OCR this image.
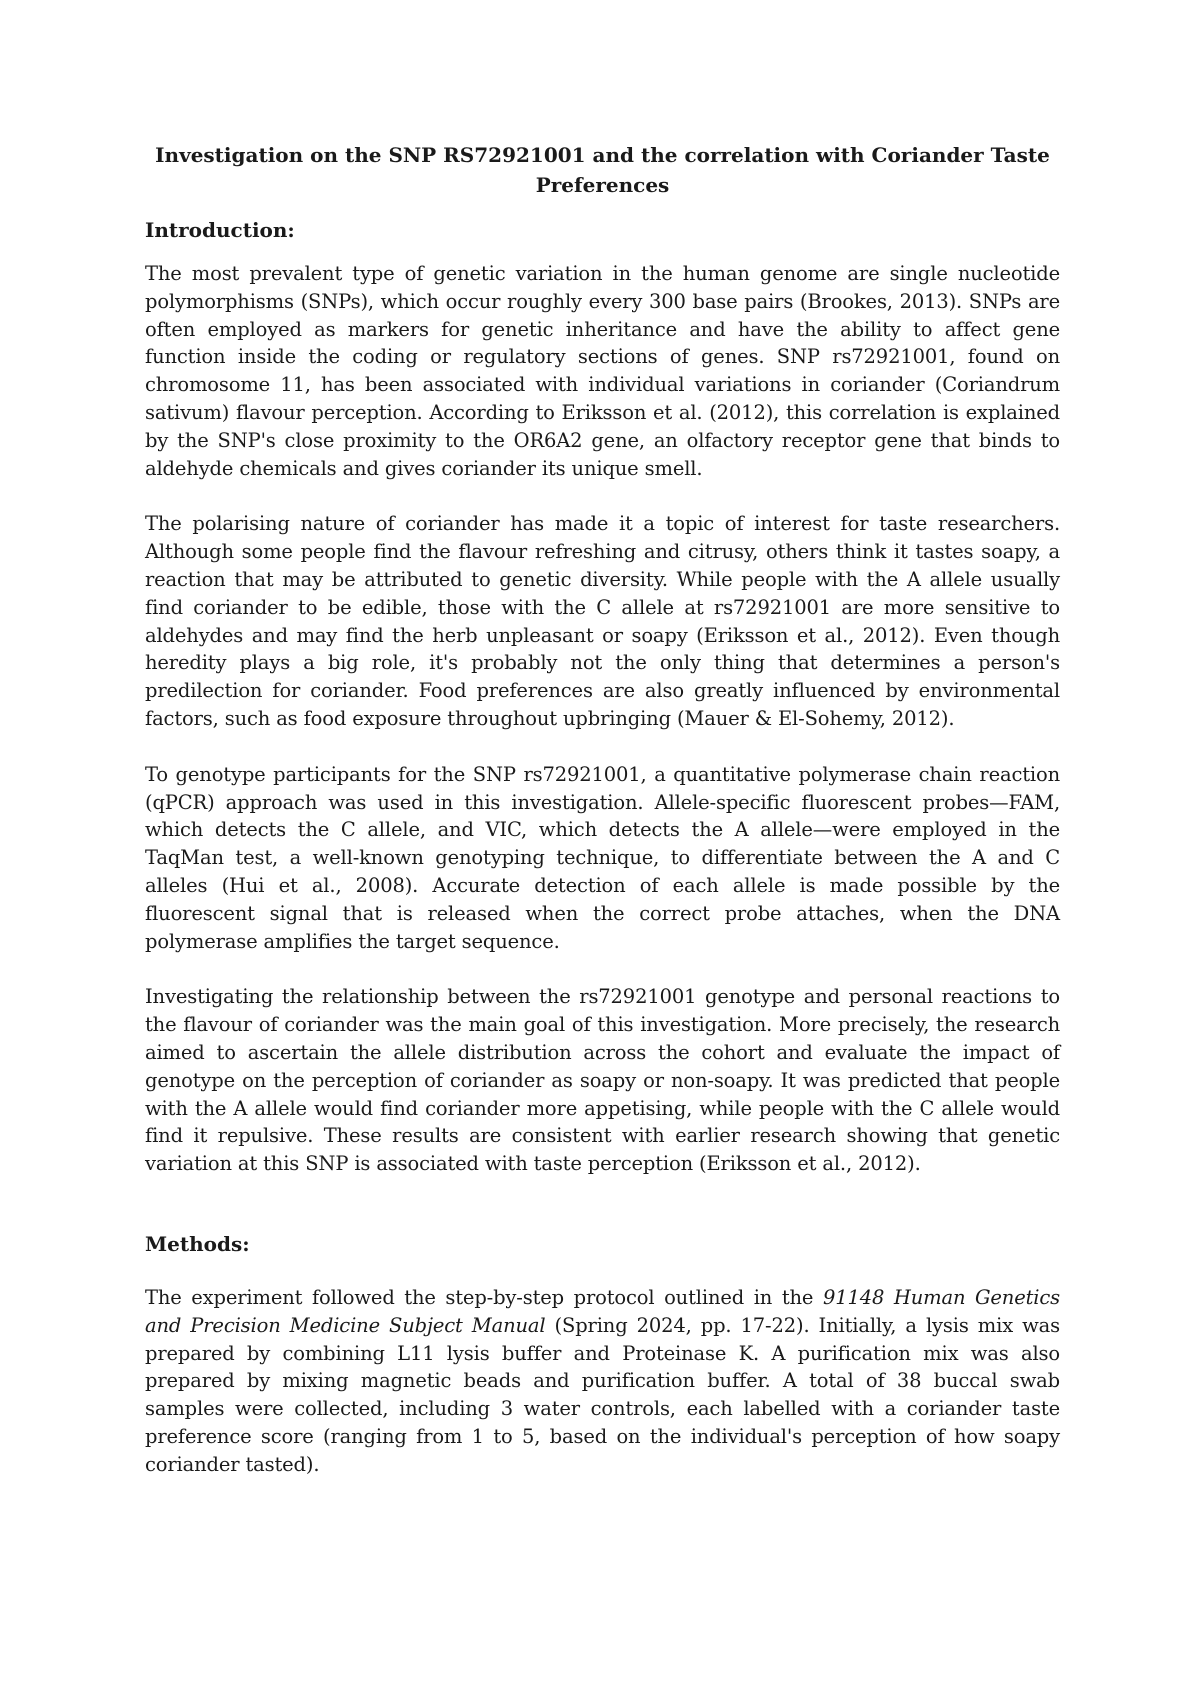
Investigation on the SNP RS72921001 and the correlation with Coriander Taste Preferences
Introduction:

The most prevalent type of genetic variation in the human genome are single nucleotide polymorphisms (SNPs), which occur roughly every 300 base pairs (Brookes, 2013). SNPs are often employed as markers for genetic inheritance and have the ability to affect gene function inside the coding or regulatory sections of genes. SNP rs72921001, found on chromosome 11, has been associated with individual variations in coriander (Coriandrum sativum) flavour perception. According to Eriksson et al. (2012), this correlation is explained by the SNP's close proximity to the OR6A2 gene, an olfactory receptor gene that binds to aldehyde chemicals and gives coriander its unique smell.

The polarising nature of coriander has made it a topic of interest for taste researchers. Although some people find the flavour refreshing and citrusy, others think it tastes soapy, a reaction that may be attributed to genetic diversity. While people with the A allele usually find coriander to be edible, those with the C allele at rs72921001 are more sensitive to aldehydes and may find the herb unpleasant or soapy (Eriksson et al., 2012). Even though heredity plays a big role, it's probably not the only thing that determines a person's predilection for coriander. Food preferences are also greatly influenced by environmental factors, such as food exposure throughout upbringing (Mauer & El-Sohemy, 2012).

To genotype participants for the SNP rs72921001, a quantitative polymerase chain reaction (qPCR) approach was used in this investigation. Allele-specific fluorescent probes—FAM, which detects the C allele, and VIC, which detects the A allele—were employed in the TaqMan test, a well-known genotyping technique, to differentiate between the A and C alleles (Hui et al., 2008). Accurate detection of each allele is made possible by the fluorescent signal that is released when the correct probe attaches, when the DNA polymerase amplifies the target sequence.

Investigating the relationship between the rs72921001 genotype and personal reactions to the flavour of coriander was the main goal of this investigation. More precisely, the research aimed to ascertain the allele distribution across the cohort and evaluate the impact of genotype on the perception of coriander as soapy or non-soapy. It was predicted that people with the A allele would find coriander more appetising, while people with the C allele would find it repulsive. These results are consistent with earlier research showing that genetic variation at this SNP is associated with taste perception (Eriksson et al., 2012).

Methods:

The experiment followed the step-by-step protocol outlined in the 91148 Human Genetics and Precision Medicine Subject Manual (Spring 2024, pp. 17-22). Initially, a lysis mix was prepared by combining L11 lysis buffer and Proteinase K. A purification mix was also prepared by mixing magnetic beads and purification buffer. A total of 38 buccal swab samples were collected, including 3 water controls, each labelled with a coriander taste preference score (ranging from 1 to 5, based on the individual's perception of how soapy coriander tasted).
